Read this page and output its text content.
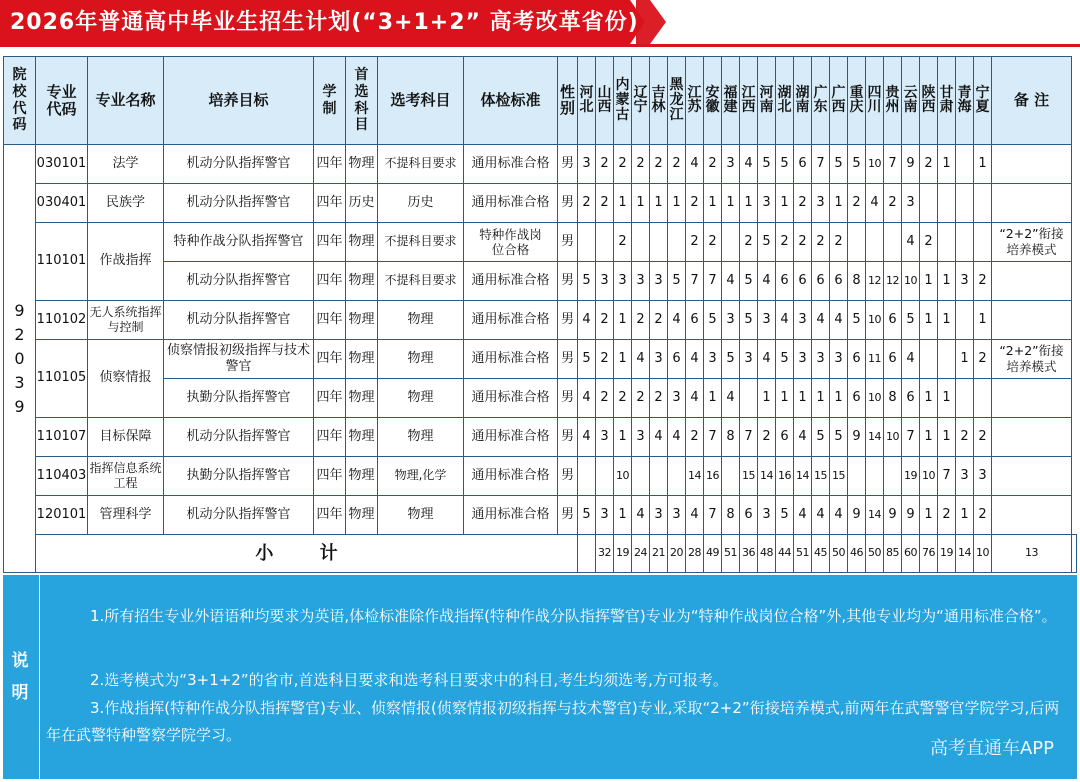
2026年普通高中毕业生招生计划(“3+1+2” 高考改革省份)
院校代码	专业代码	专业名称	培养目标	学制	首选科目	选考科目	体检标准	性别	河北	山西	内蒙古	辽宁	吉林	黑龙江	江苏	安徽	福建	江西	河南	湖北	湖南	广东	广西	重庆	四川	贵州	云南	陕西	甘肃	青海	宁夏	备 注	
92039	030101	法学	机动分队指挥警官	四年	物理	不提科目要求	通用标准合格	男	3	2	2	2	2	2	4	2	3	4	5	5	6	7	5	5	10	7	9	2	1		1		
	030401	民族学	机动分队指挥警官	四年	历史	历史	通用标准合格	男	2	2	1	1	1	1	2	1	1	1	3	1	2	3	1	2	4	2	3						
	110101	作战指挥	特种作战分队指挥警官	四年	物理	不提科目要求	特种作战岗位合格	男			2				2	2		2	5	2	2	2	2				4	2				“2+2”衔接培养模式	
			机动分队指挥警官	四年	物理	不提科目要求	通用标准合格	男	5	3	3	3	3	5	7	7	4	5	4	6	6	6	6	8	12	12	10	1	1	3	2		
	110102	无人系统指挥与控制	机动分队指挥警官	四年	物理	物理	通用标准合格	男	4	2	1	2	2	4	6	5	3	5	3	4	3	4	4	5	10	6	5	1	1		1		
	110105	侦察情报	侦察情报初级指挥与技术警官	四年	物理	物理	通用标准合格	男	5	2	1	4	3	6	4	3	5	3	4	5	3	3	3	6	11	6	4			1	2	“2+2”衔接培养模式	
			执勤分队指挥警官	四年	物理	物理	通用标准合格	男	4	2	2	2	2	3	4	1	4		1	1	1	1	1	6	10	8	6	1	1				
	110107	目标保障	机动分队指挥警官	四年	物理	物理	通用标准合格	男	4	3	1	3	4	4	2	7	8	7	2	6	4	5	5	9	14	10	7	1	1	2	2		
	110403	指挥信息系统工程	执勤分队指挥警官	四年	物理	物理,化学	通用标准合格	男			10				14	16		15	14	16	14	15	15				19	10	7	3	3		
	120101	管理科学	机动分队指挥警官	四年	物理	物理	通用标准合格	男	5	3	1	4	3	3	4	7	8	6	3	5	4	4	4	9	14	9	9	1	2	1	2		
	小 计									32	19	24	21	20	28	49	51	36	48	44	51	45	50	46	50	85	60	76	19	14	10	13	
说明

1.所有招生专业外语语种均要求为英语,体检标准除作战指挥(特种作战分队指挥警官)专业为“特种作战岗位合格”外,其他专业均为“通用标准合格”。

2.选考模式为“3+1+2”的省市,首选科目要求和选考科目要求中的科目,考生均须选考,方可报考。

3.作战指挥(特种作战分队指挥警官)专业、侦察情报(侦察情报初级指挥与技术警官)专业,采取“2+2”衔接培养模式,前两年在武警警官学院学习,后两年在武警特种警察学院学习。

高考直通车APP
